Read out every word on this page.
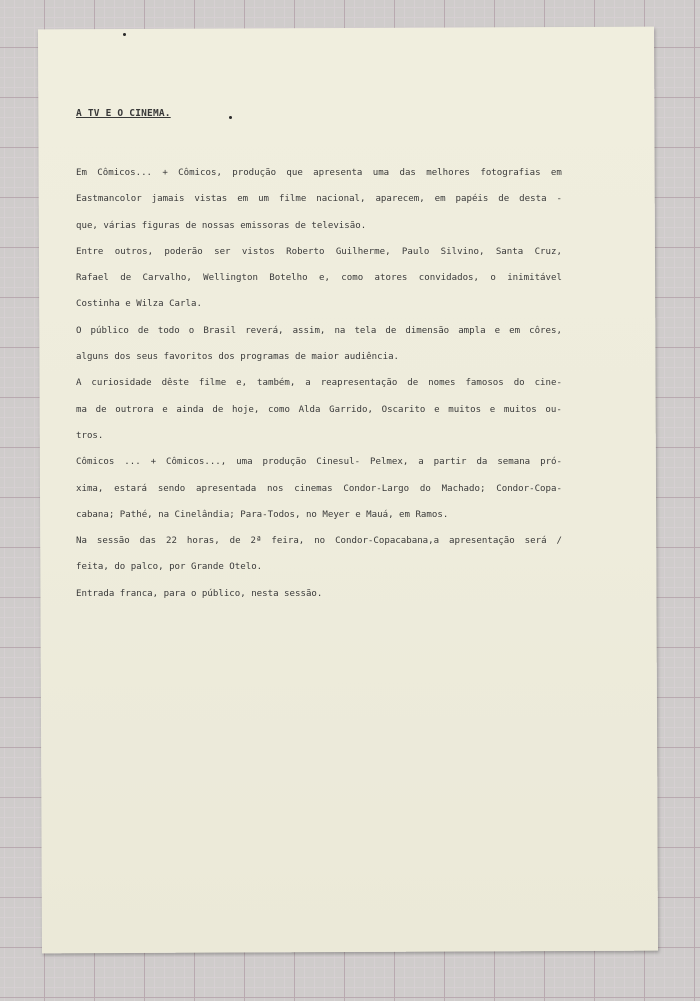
A TV E O CINEMA.
Em Cômicos... + Cômicos, produção que apresenta uma das melhores fotografias em
Eastmancolor jamais vistas em um filme nacional, aparecem, em papéis de desta -
que, várias figuras de nossas emissoras de televisão.
Entre outros, poderão ser vistos Roberto Guilherme, Paulo Silvino, Santa Cruz,
Rafael de Carvalho, Wellington Botelho e, como atores convidados, o inimitável
Costinha e Wilza Carla.
O público de todo o Brasil reverá, assim, na tela de dimensão ampla e em côres,
alguns dos seus favoritos dos programas de maior audiência.
A curiosidade dêste filme e, também, a reapresentação de nomes famosos do cine-
ma de outrora e ainda de hoje, como Alda Garrido, Oscarito e muitos e muitos ou-
tros.
Cômicos ... + Cômicos..., uma produção Cinesul- Pelmex, a partir da semana pró-
xima, estará sendo apresentada nos cinemas Condor-Largo do Machado; Condor-Copa-
cabana; Pathé, na Cinelândia; Para-Todos, no Meyer e Mauá, em Ramos.
Na sessão das 22 horas, de 2ª feira, no Condor-Copacabana,a apresentação será /
feita, do palco, por Grande Otelo.
Entrada franca, para o público, nesta sessão.
